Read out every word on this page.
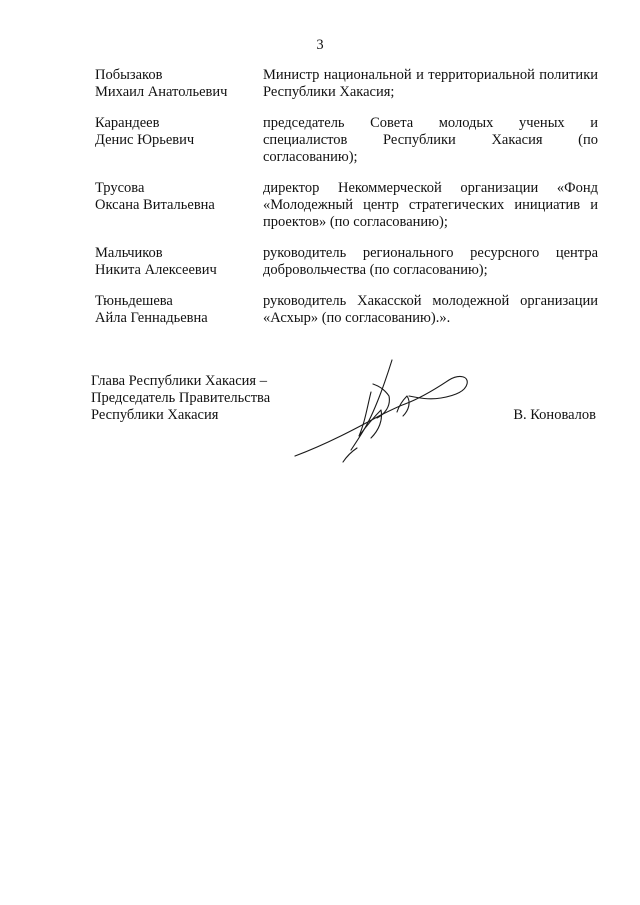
3
Побызаков
Михаил Анатольевич
Министр национальной и территориальной политики Республики Хакасия;
Карандеев
Денис Юрьевич
председатель Совета молодых ученых и специалистов Республики Хакасия (по согласованию);
Трусова
Оксана Витальевна
директор Некоммерческой организации «Фонд «Молодежный центр стратегических инициатив и проектов» (по согласованию);
Мальчиков
Никита Алексеевич
руководитель регионального ресурсного центра добровольчества (по согласованию);
Тюньдешева
Айла Геннадьевна
руководитель Хакасской молодежной организации «Асхыр» (по согласованию).».
Глава Республики Хакасия –
Председатель Правительства
Республики Хакасия	В. Коновалов
